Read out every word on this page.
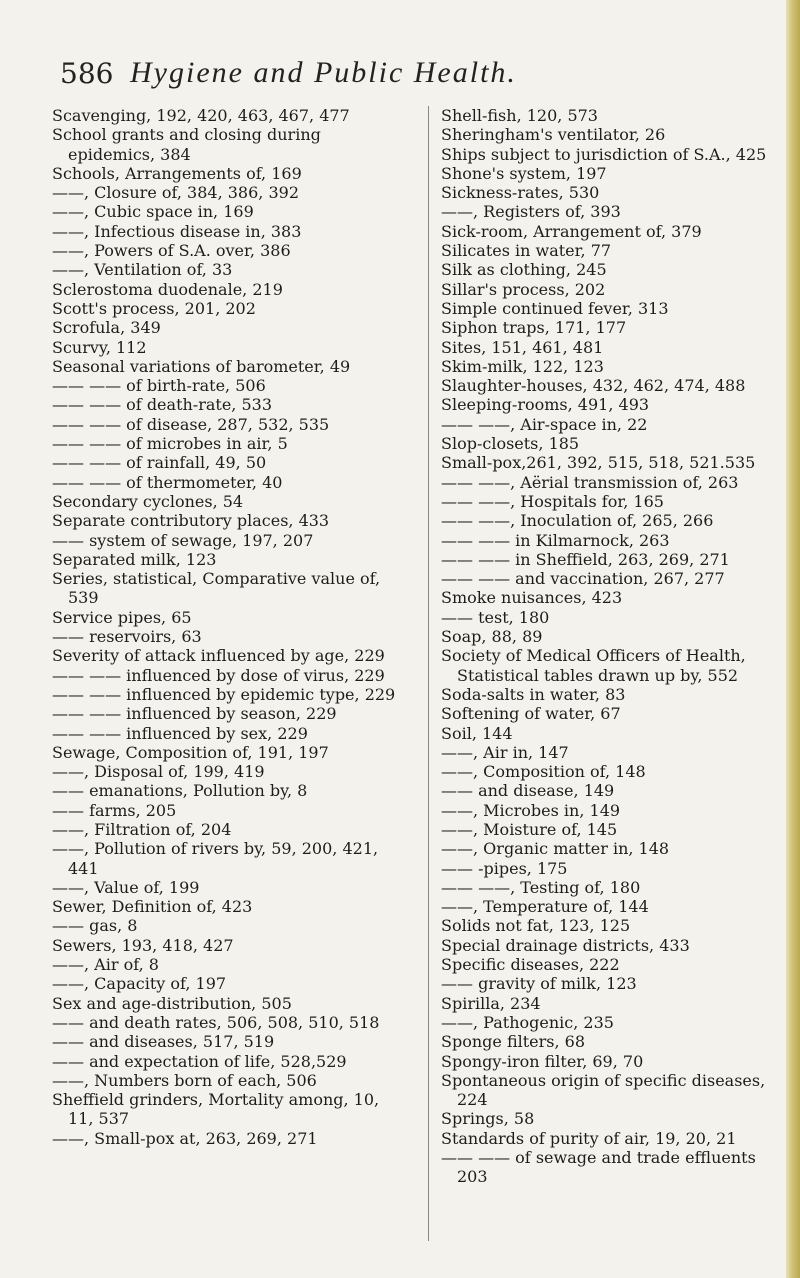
586 Hygiene and Public Health.

Scavenging, 192, 420, 463, 467, 477

School grants and closing during epidemics, 384

Schools, Arrangements of, 169

——, Closure of, 384, 386, 392

——, Cubic space in, 169

——, Infectious disease in, 383

——, Powers of S.A. over, 386

——, Ventilation of, 33

Sclerostoma duodenale, 219

Scott's process, 201, 202

Scrofula, 349

Scurvy, 112

Seasonal variations of barometer, 49

—— —— of birth-rate, 506

—— —— of death-rate, 533

—— —— of disease, 287, 532, 535

—— —— of microbes in air, 5

—— —— of rainfall, 49, 50

—— —— of thermometer, 40

Secondary cyclones, 54

Separate contributory places, 433

—— system of sewage, 197, 207

Separated milk, 123

Series, statistical, Comparative value of, 539

Service pipes, 65

—— reservoirs, 63

Severity of attack influenced by age, 229

—— —— influenced by dose of virus, 229

—— —— influenced by epidemic type, 229

—— —— influenced by season, 229

—— —— influenced by sex, 229

Sewage, Composition of, 191, 197

——, Disposal of, 199, 419

—— emanations, Pollution by, 8

—— farms, 205

——, Filtration of, 204

——, Pollution of rivers by, 59, 200, 421, 441

——, Value of, 199

Sewer, Definition of, 423

—— gas, 8

Sewers, 193, 418, 427

——, Air of, 8

——, Capacity of, 197

Sex and age-distribution, 505

—— and death rates, 506, 508, 510, 518

—— and diseases, 517, 519

—— and expectation of life, 528,529

——, Numbers born of each, 506

Sheffield grinders, Mortality among, 10, 11, 537

——, Small-pox at, 263, 269, 271

Shell-fish, 120, 573

Sheringham's ventilator, 26

Ships subject to jurisdiction of S.A., 425

Shone's system, 197

Sickness-rates, 530

——, Registers of, 393

Sick-room, Arrangement of, 379

Silicates in water, 77

Silk as clothing, 245

Sillar's process, 202

Simple continued fever, 313

Siphon traps, 171, 177

Sites, 151, 461, 481

Skim-milk, 122, 123

Slaughter-houses, 432, 462, 474, 488

Sleeping-rooms, 491, 493

—— ——, Air-space in, 22

Slop-closets, 185

Small-pox,261, 392, 515, 518, 521.535

—— ——, Aërial transmission of, 263

—— ——, Hospitals for, 165

—— ——, Inoculation of, 265, 266

—— —— in Kilmarnock, 263

—— —— in Sheffield, 263, 269, 271

—— —— and vaccination, 267, 277

Smoke nuisances, 423

—— test, 180

Soap, 88, 89

Society of Medical Officers of Health, Statistical tables drawn up by, 552

Soda-salts in water, 83

Softening of water, 67

Soil, 144

——, Air in, 147

——, Composition of, 148

—— and disease, 149

——, Microbes in, 149

——, Moisture of, 145

——, Organic matter in, 148

—— -pipes, 175

—— ——, Testing of, 180

——, Temperature of, 144

Solids not fat, 123, 125

Special drainage districts, 433

Specific diseases, 222

—— gravity of milk, 123

Spirilla, 234

——, Pathogenic, 235

Sponge filters, 68

Spongy-iron filter, 69, 70

Spontaneous origin of specific diseases, 224

Springs, 58

Standards of purity of air, 19, 20, 21

—— —— of sewage and trade effluents 203
